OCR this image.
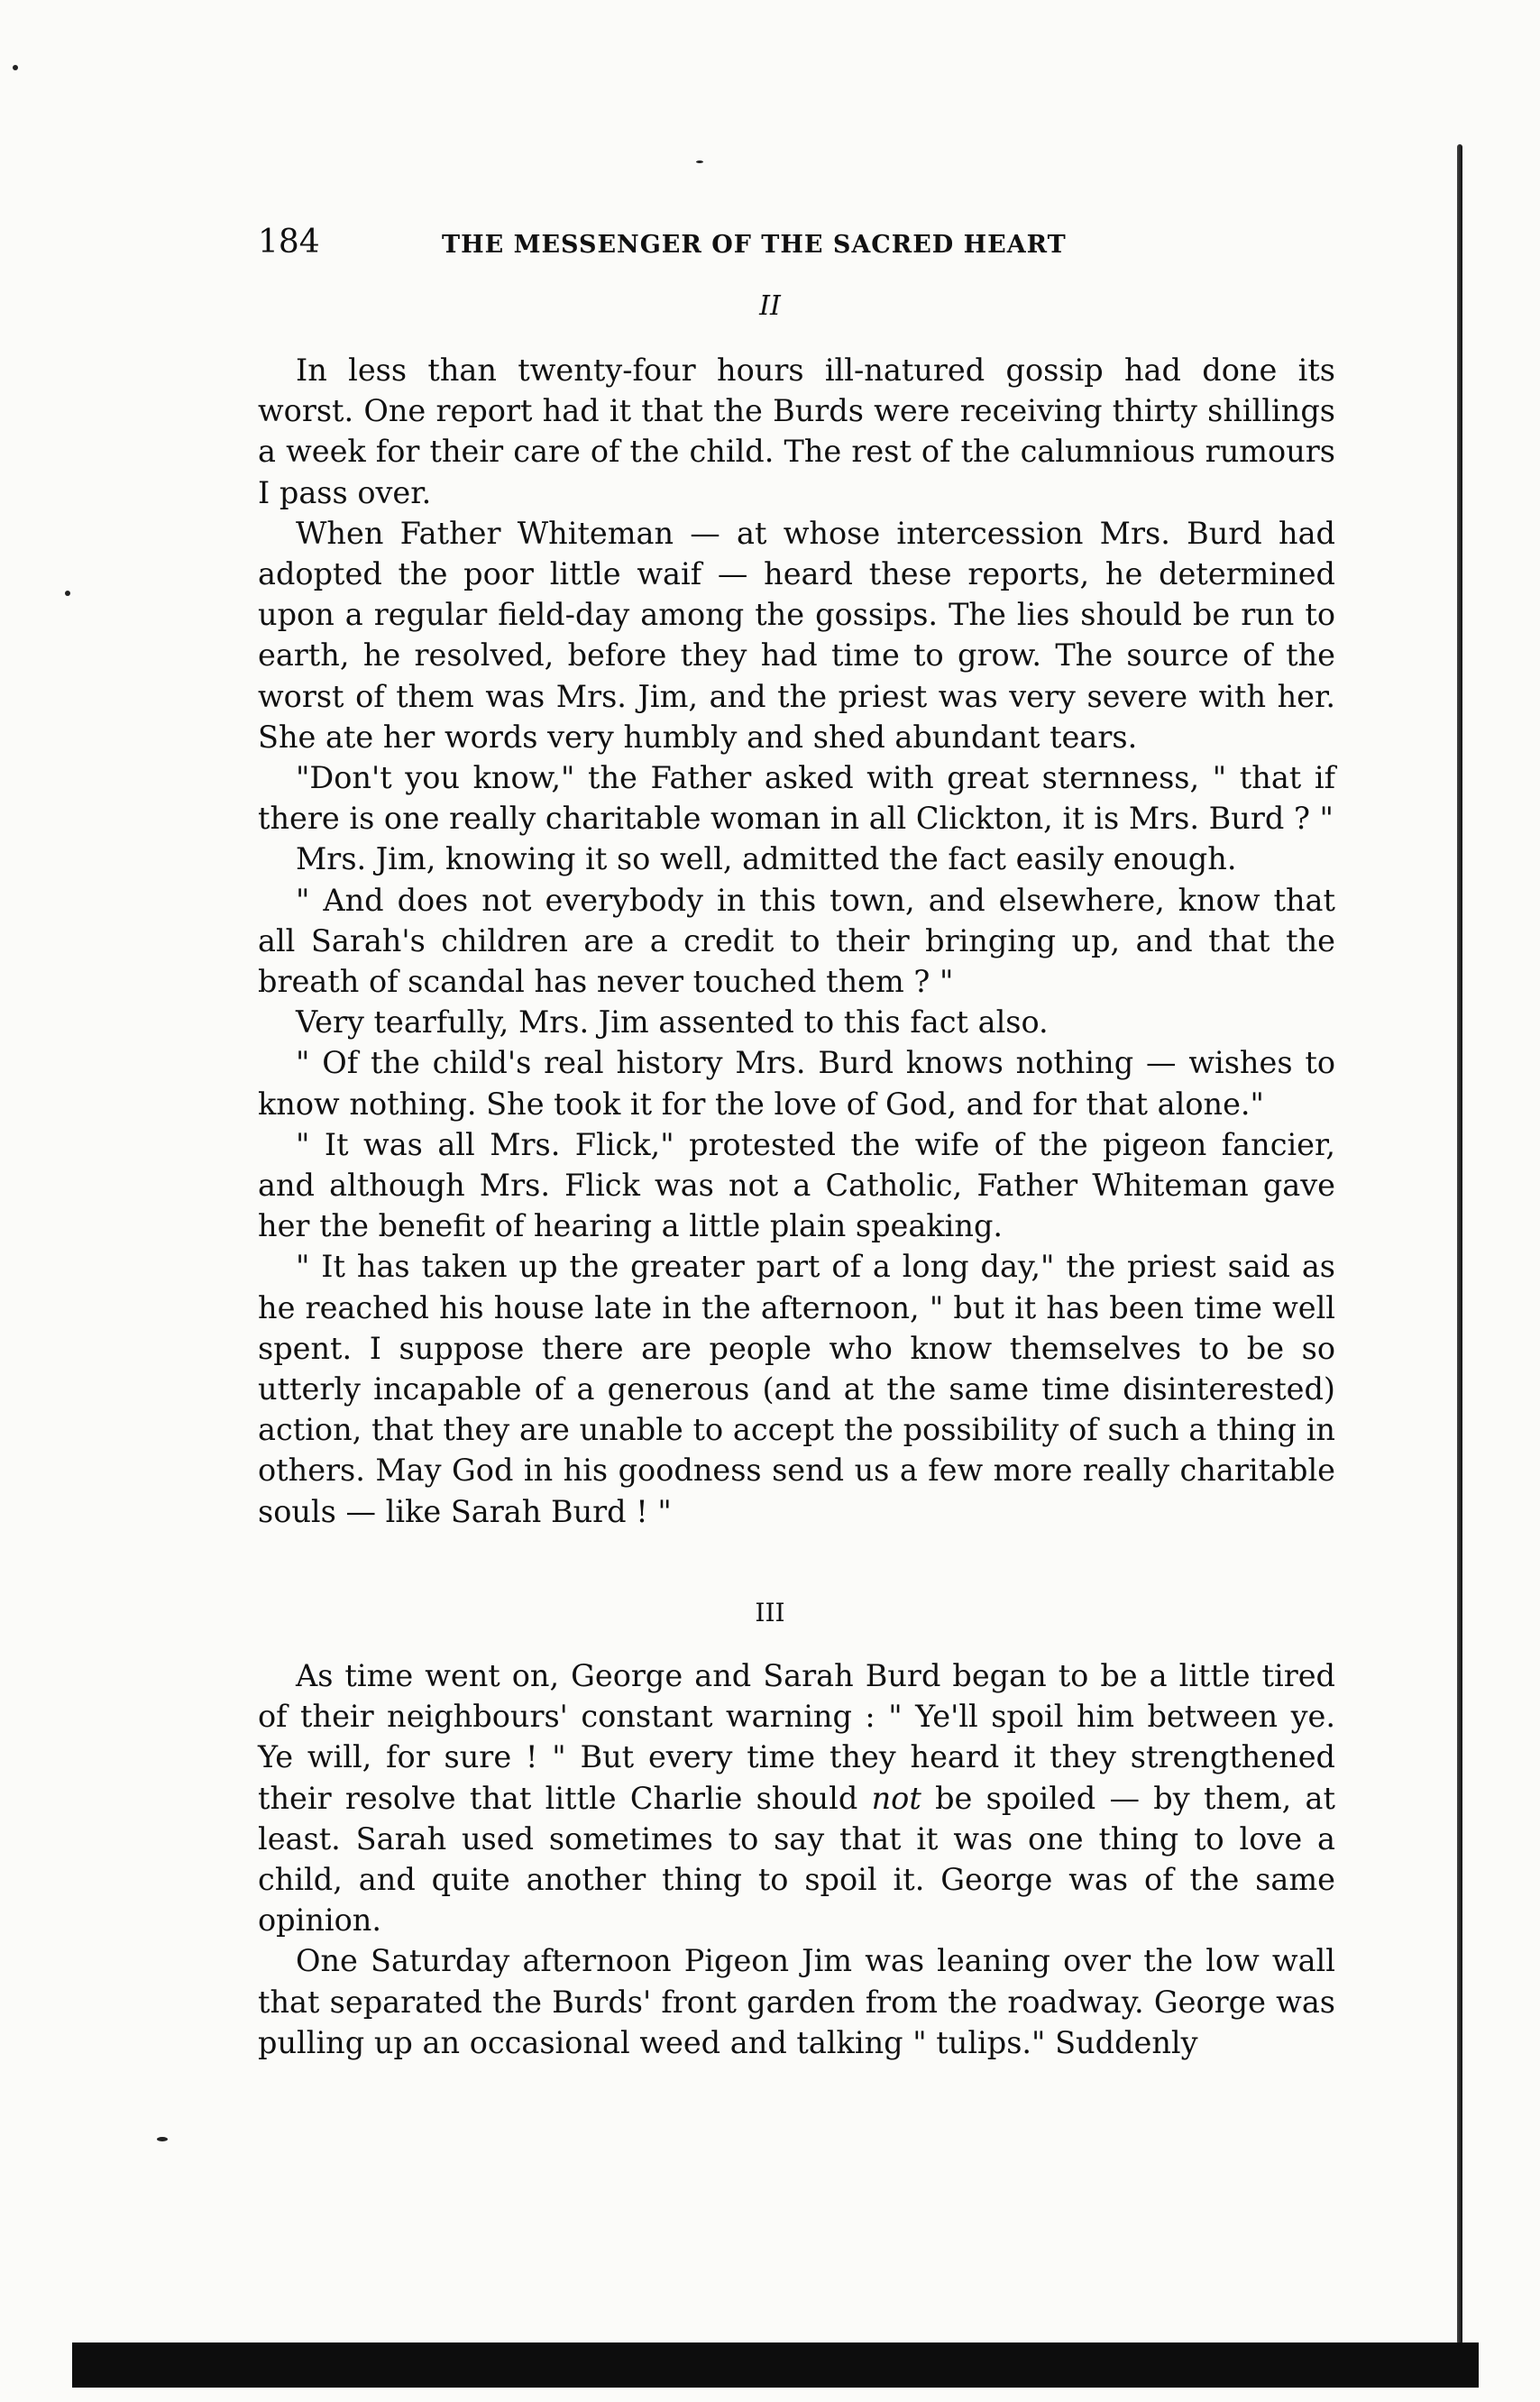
184	THE MESSENGER OF THE SACRED HEART
II

In less than twenty-four hours ill-natured gossip had done its worst. One report had it that the Burds were receiving thirty shillings a week for their care of the child. The rest of the calumnious rumours I pass over.

When Father Whiteman — at whose intercession Mrs. Burd had adopted the poor little waif — heard these reports, he determined upon a regular field-day among the gossips. The lies should be run to earth, he resolved, before they had time to grow. The source of the worst of them was Mrs. Jim, and the priest was very severe with her. She ate her words very humbly and shed abundant tears.

"Don't you know," the Father asked with great sternness, " that if there is one really charitable woman in all Clickton, it is Mrs. Burd ? "

Mrs. Jim, knowing it so well, admitted the fact easily enough.

" And does not everybody in this town, and elsewhere, know that all Sarah's children are a credit to their bringing up, and that the breath of scandal has never touched them ? "

Very tearfully, Mrs. Jim assented to this fact also.

" Of the child's real history Mrs. Burd knows nothing — wishes to know nothing. She took it for the love of God, and for that alone."

" It was all Mrs. Flick," protested the wife of the pigeon fancier, and although Mrs. Flick was not a Catholic, Father Whiteman gave her the benefit of hearing a little plain speaking.

" It has taken up the greater part of a long day," the priest said as he reached his house late in the afternoon, " but it has been time well spent. I suppose there are people who know themselves to be so utterly incapable of a generous (and at the same time disinterested) action, that they are unable to accept the possibility of such a thing in others. May God in his goodness send us a few more really charitable souls — like Sarah Burd ! "

III

As time went on, George and Sarah Burd began to be a little tired of their neighbours' constant warning : " Ye'll spoil him between ye. Ye will, for sure ! " But every time they heard it they strengthened their resolve that little Charlie should not be spoiled — by them, at least. Sarah used sometimes to say that it was one thing to love a child, and quite another thing to spoil it. George was of the same opinion.

One Saturday afternoon Pigeon Jim was leaning over the low wall that separated the Burds' front garden from the roadway. George was pulling up an occasional weed and talking " tulips." Suddenly
